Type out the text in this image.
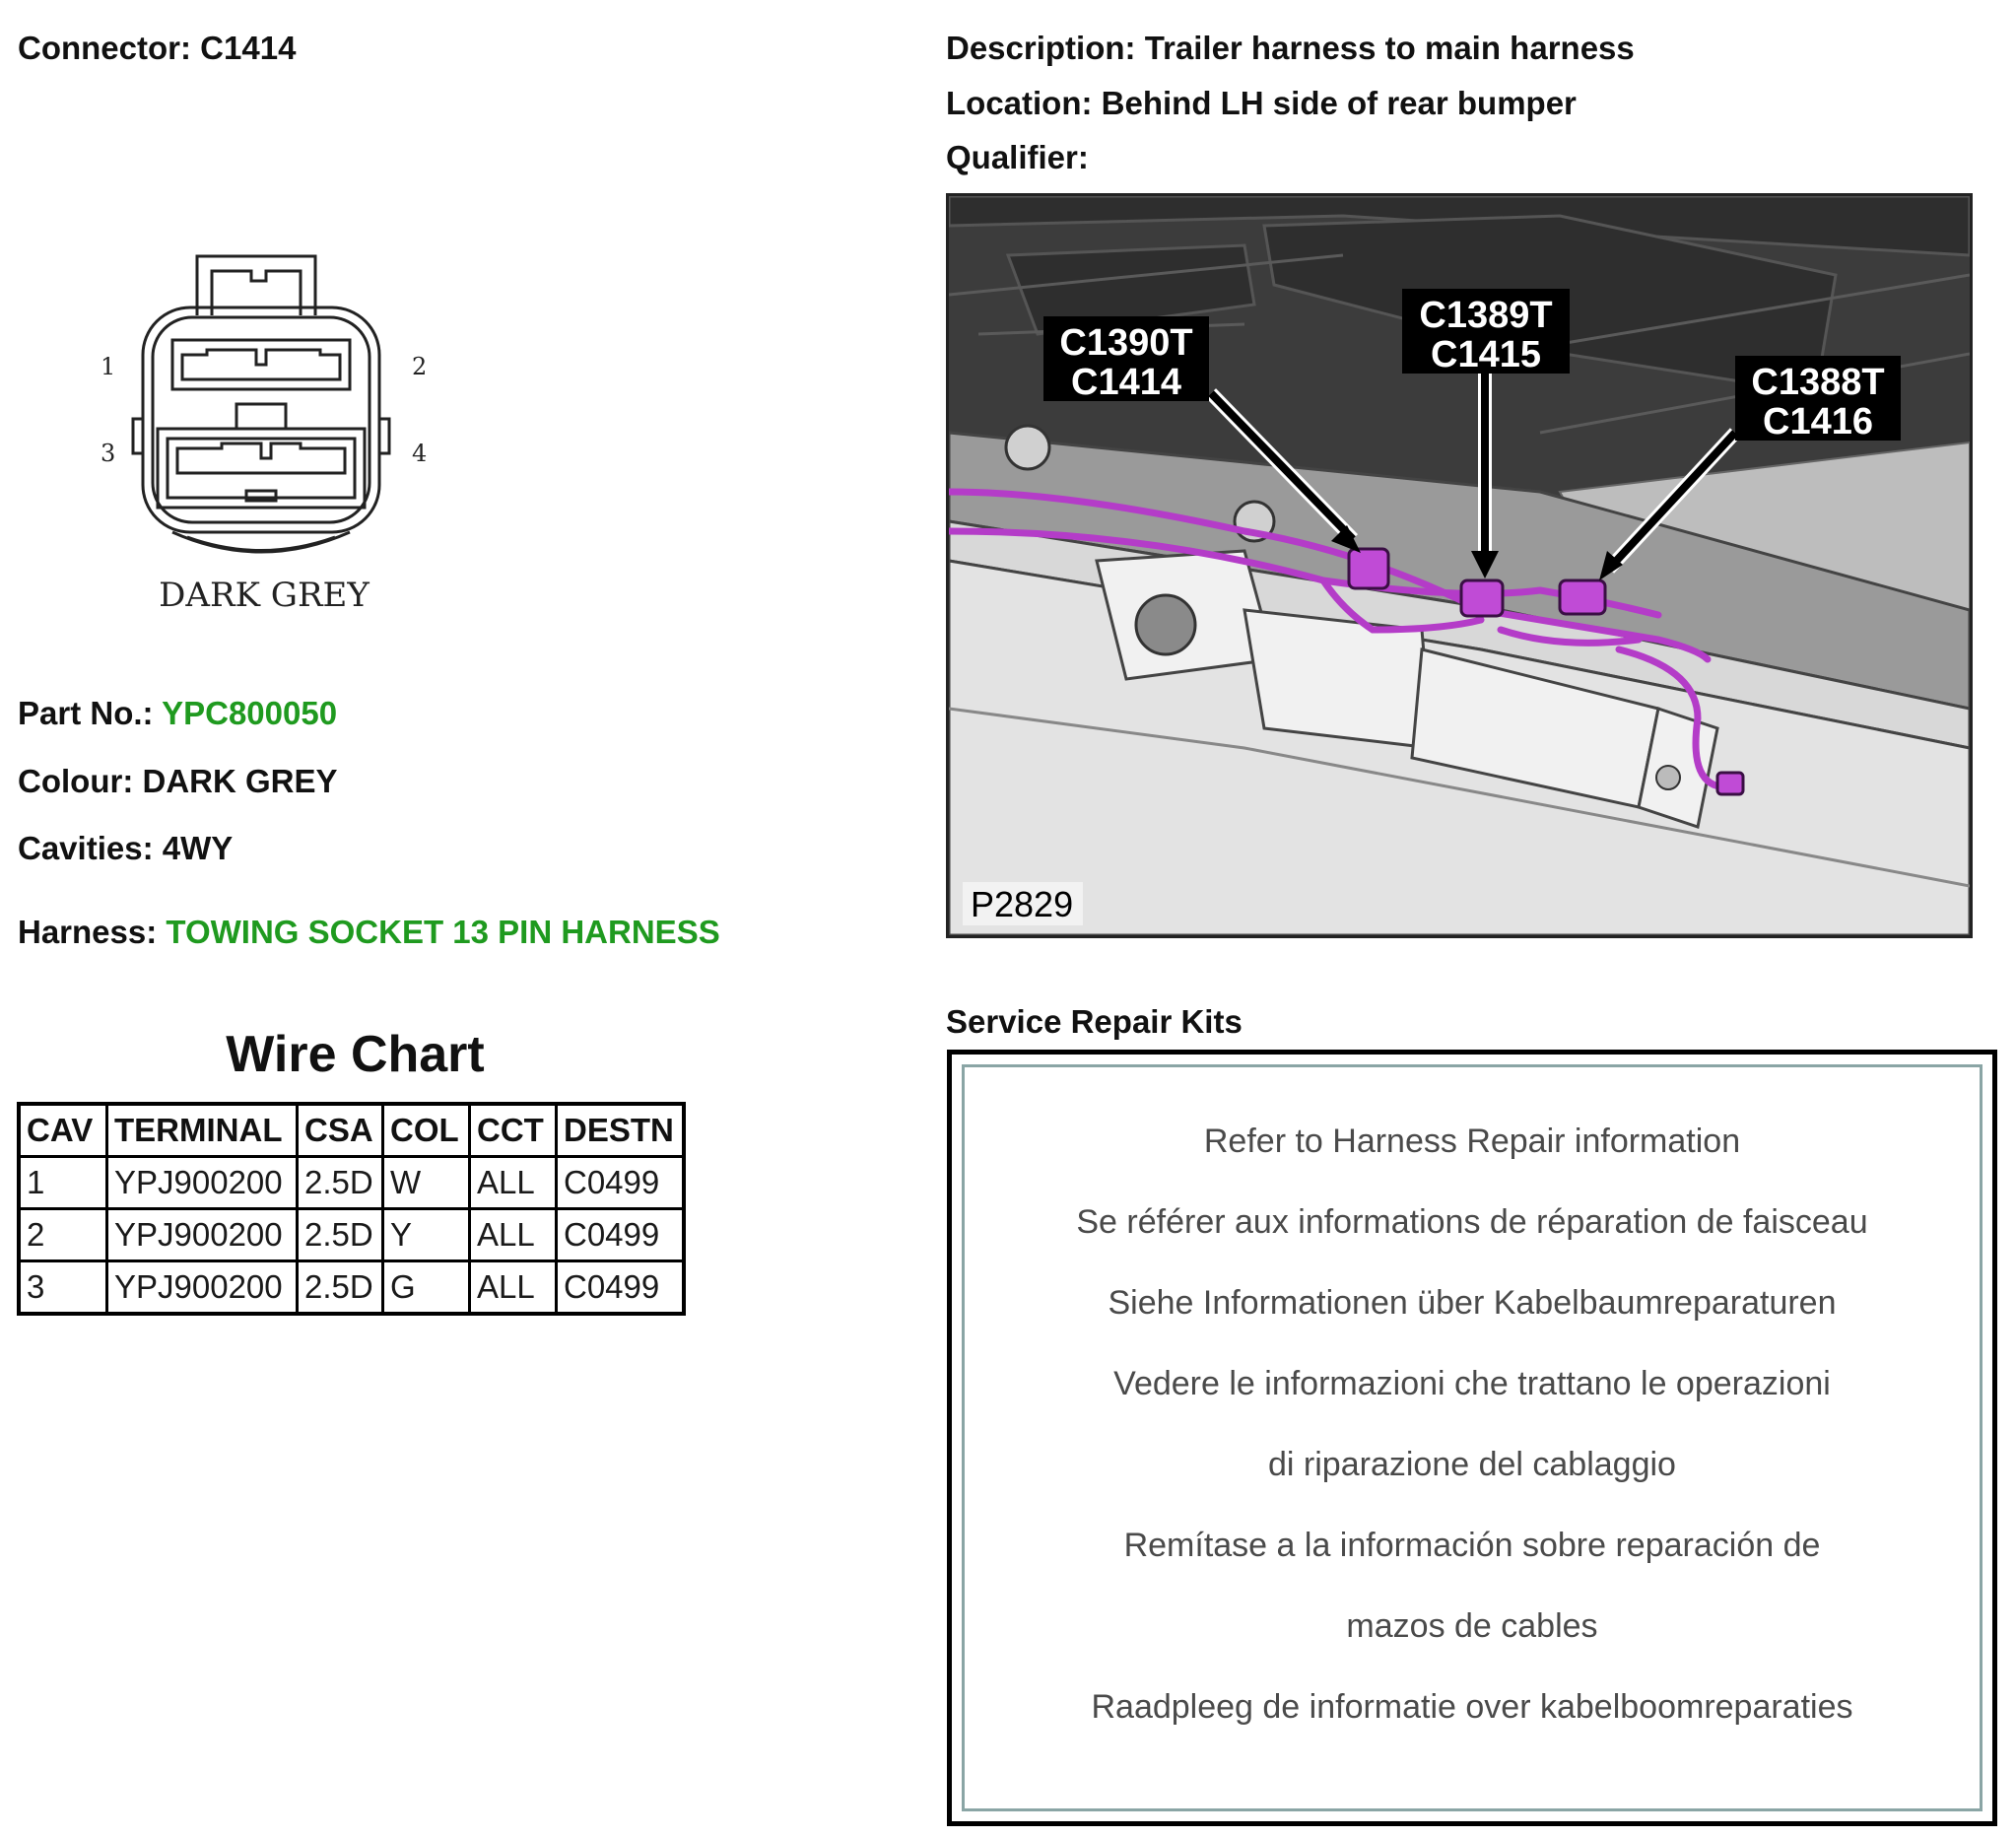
Connector: C1414	Description: Trailer harness to main harness
Location: Behind LH side of rear bumper
Qualifier:
1	2
3	4
DARK GREY
Part No.: YPC800050
Colour: DARK GREY
Cavities: 4WY
Harness: TOWING SOCKET 13 PIN HARNESS
Wire Chart
CAV	TERMINAL	CSA	COL	CCT	DESTN
1	YPJ900200	2.5D	W	ALL	C0499
2	YPJ900200	2.5D	Y	ALL	C0499
3	YPJ900200	2.5D	G	ALL	C0499
C1390T
C1414
C1389T
C1415
C1388T
C1416
P2829
Service Repair Kits
Refer to Harness Repair information
Se référer aux informations de réparation de faisceau
Siehe Informationen über Kabelbaumreparaturen
Vedere le informazioni che trattano le operazioni
di riparazione del cablaggio
Remítase a la información sobre reparación de
mazos de cables
Raadpleeg de informatie over kabelboomreparaties
